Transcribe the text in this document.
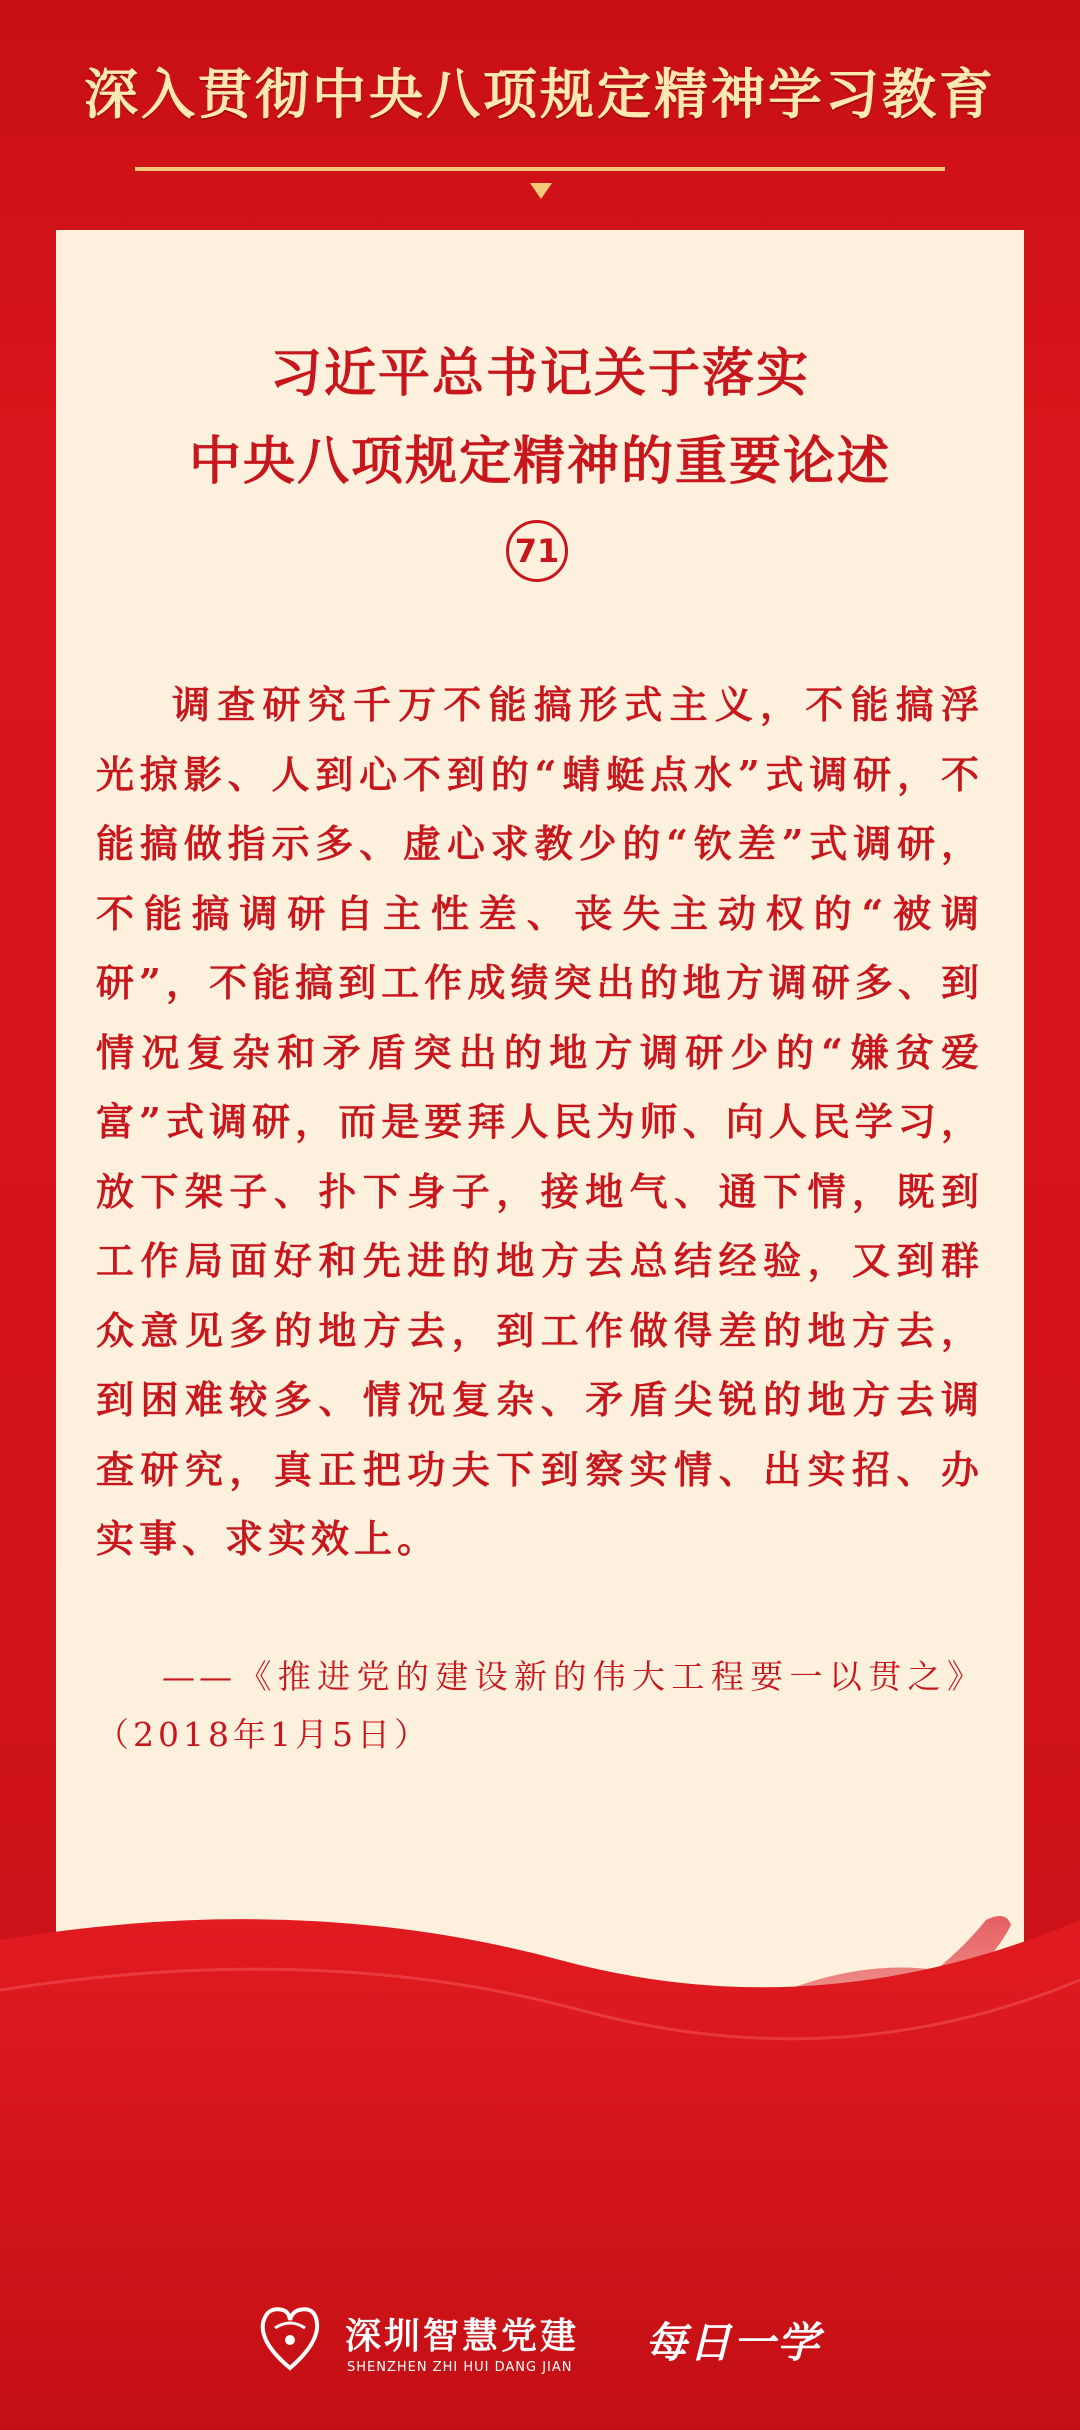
深入贯彻中央八项规定精神学习教育
习近平总书记关于落实
中央八项规定精神的重要论述
71

调查研究千万不能搞形式主义，不能搞浮光掠影、人到心不到的“蜻蜓点水”式调研，不能搞做指示多、虚心求教少的“钦差”式调研，不能搞调研自主性差、丧失主动权的“被调研”，不能搞到工作成绩突出的地方调研多、到情况复杂和矛盾突出的地方调研少的“嫌贫爱富”式调研，而是要拜人民为师、向人民学习，放下架子、扑下身子，接地气、通下情，既到工作局面好和先进的地方去总结经验，又到群众意见多的地方去，到工作做得差的地方去，到困难较多、情况复杂、矛盾尖锐的地方去调查研究，真正把功夫下到察实情、出实招、办实事、求实效上。

——《推进党的建设新的伟大工程要一以贯之》（2018年1月5日）

深圳智慧党建
SHENZHEN ZHI HUI DANG JIAN
每日一学
